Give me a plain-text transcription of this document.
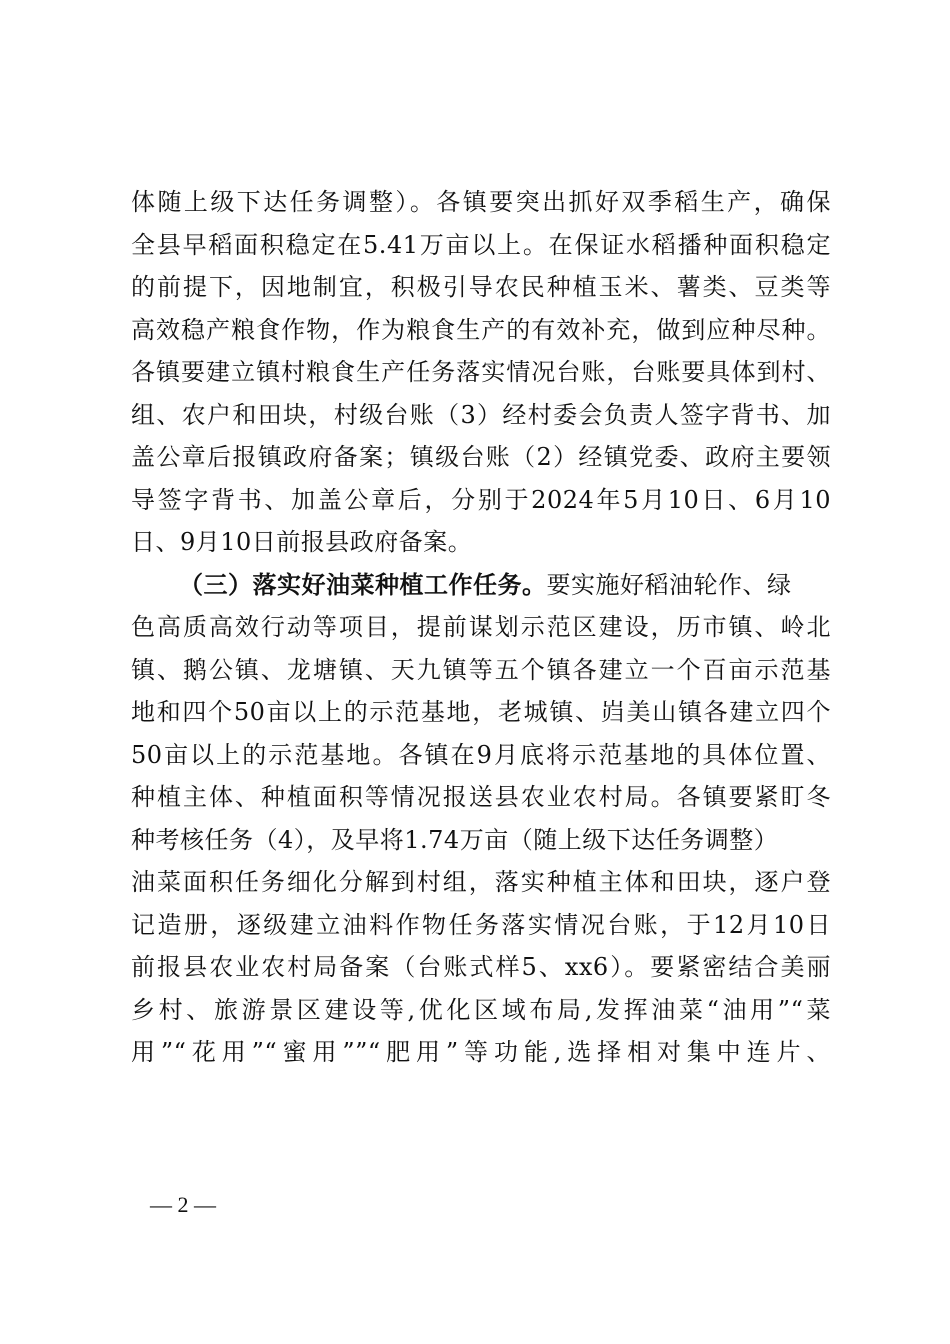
体随上级下达任务调整）。各镇要突出抓好双季稻生产，确保
全县早稻面积稳定在5.41万亩以上。在保证水稻播种面积稳定
的前提下，因地制宜，积极引导农民种植玉米、薯类、豆类等
高效稳产粮食作物，作为粮食生产的有效补充，做到应种尽种。
各镇要建立镇村粮食生产任务落实情况台账，台账要具体到村、
组、农户和田块，村级台账（3）经村委会负责人签字背书、加
盖公章后报镇政府备案；镇级台账（2）经镇党委、政府主要领
导签字背书、加盖公章后，分别于2024年5月10日、6月10
日、9月10日前报县政府备案。
（三）落实好油菜种植工作任务。要实施好稻油轮作、绿
色高质高效行动等项目，提前谋划示范区建设，历市镇、岭北
镇、鹅公镇、龙塘镇、天九镇等五个镇各建立一个百亩示范基
地和四个50亩以上的示范基地，老城镇、岿美山镇各建立四个
50亩以上的示范基地。各镇在9月底将示范基地的具体位置、
种植主体、种植面积等情况报送县农业农村局。各镇要紧盯冬
种考核任务（4），及早将1.74万亩（随上级下达任务调整）
油菜面积任务细化分解到村组，落实种植主体和田块，逐户登
记造册，逐级建立油料作物任务落实情况台账，于12月10日
前报县农业农村局备案（台账式样5、xx6）。要紧密结合美丽
乡村、旅游景区建设等,优化区域布局,发挥油菜“油用”“菜
用”“花用”“蜜用””“肥用”等功能,选择相对集中连片、
— 2 —
